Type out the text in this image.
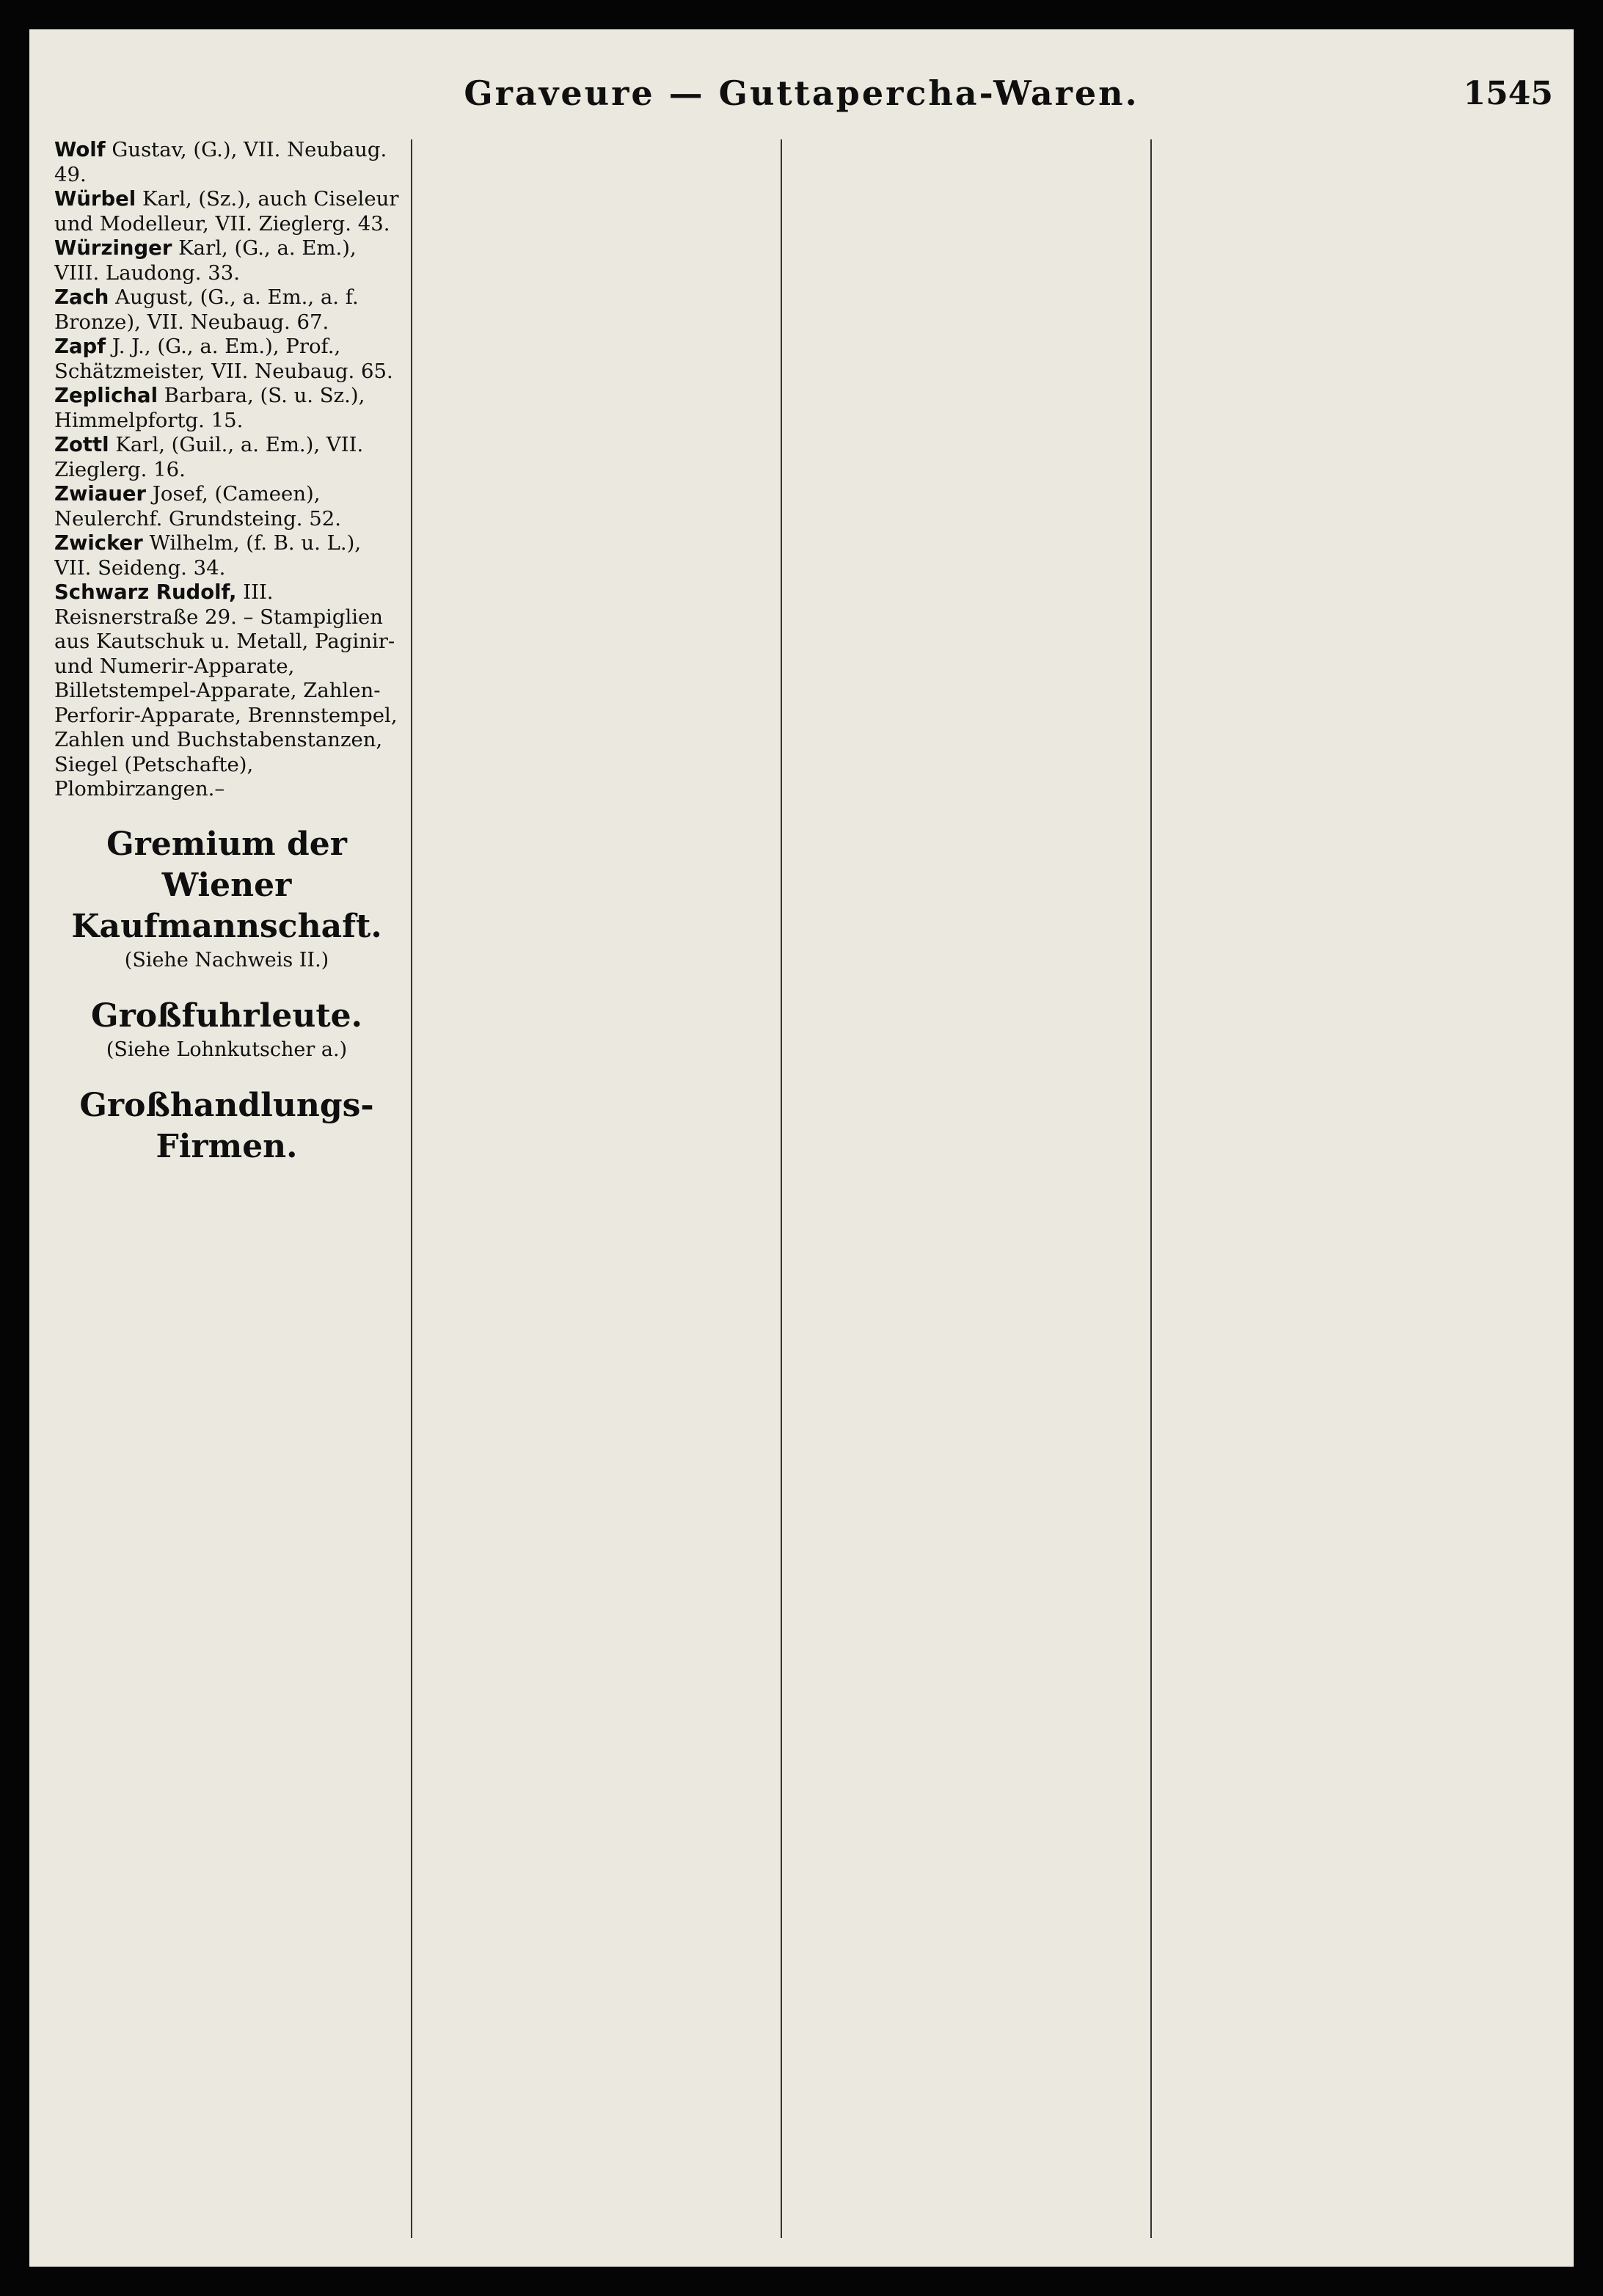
Graveure — Guttapercha-Waren.	1545

Wolf Gustav, (G.), VII. Neubaug. 49.

Würbel Karl, (Sz.), auch Ciseleur und Modelleur, VII. Zieglerg. 43.

Würzinger Karl, (G., a. Em.), VIII. Laudong. 33.

Zach August, (G., a. Em., a. f. Bronze), VII. Neubaug. 67.

Zapf J. J., (G., a. Em.), Prof., Schätzmeister, VII. Neubaug. 65.

Zeplichal Barbara, (S. u. Sz.), Himmelpfortg. 15.

Zottl Karl, (Guil., a. Em.), VII. Zieglerg. 16.

Zwiauer Josef, (Cameen), Neulerchf. Grundsteing. 52.

Zwicker Wilhelm, (f. B. u. L.), VII. Seideng. 34.

Schwarz Rudolf, III. Reisnerstraße 29. – Stampiglien aus Kautschuk u. Metall, Paginir- und Numerir-Apparate, Billetstempel-Apparate, Zahlen-Perforir-Apparate, Brennstempel, Zahlen und Buchstabenstanzen, Siegel (Petschafte), Plombirzangen.–

Gremium der Wiener Kaufmannschaft.
(Siehe Nachweis II.)
Großfuhrleute.
(Siehe Lohnkutscher a.)
Großhandlungs-Firmen.
